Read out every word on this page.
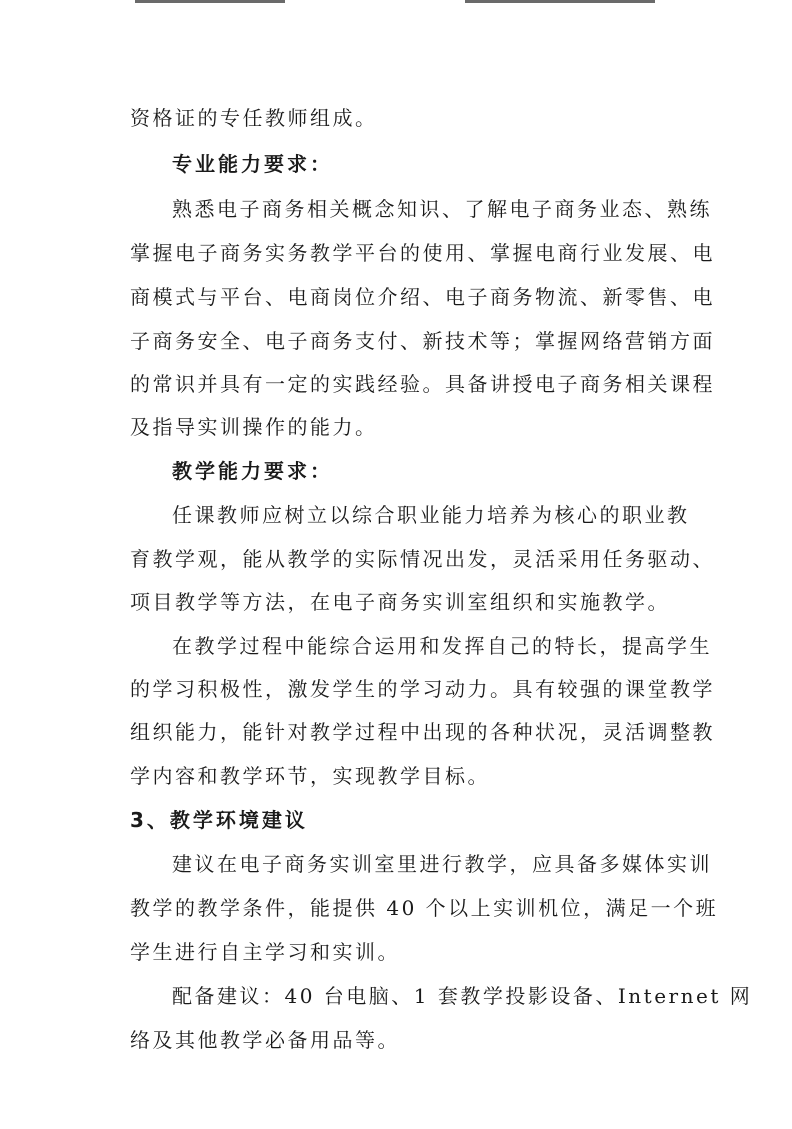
资格证的专任教师组成。
专业能力要求：
熟悉电子商务相关概念知识、了解电子商务业态、熟练
掌握电子商务实务教学平台的使用、掌握电商行业发展、电
商模式与平台、电商岗位介绍、电子商务物流、新零售、电
子商务安全、电子商务支付、新技术等；掌握网络营销方面
的常识并具有一定的实践经验。具备讲授电子商务相关课程
及指导实训操作的能力。
教学能力要求：
任课教师应树立以综合职业能力培养为核心的职业教
育教学观，能从教学的实际情况出发，灵活采用任务驱动、
项目教学等方法，在电子商务实训室组织和实施教学。
在教学过程中能综合运用和发挥自己的特长，提高学生
的学习积极性，激发学生的学习动力。具有较强的课堂教学
组织能力，能针对教学过程中出现的各种状况，灵活调整教
学内容和教学环节，实现教学目标。
3、教学环境建议
建议在电子商务实训室里进行教学，应具备多媒体实训
教学的教学条件，能提供 40 个以上实训机位，满足一个班
学生进行自主学习和实训。
配备建议：40 台电脑、1 套教学投影设备、Internet 网
络及其他教学必备用品等。
